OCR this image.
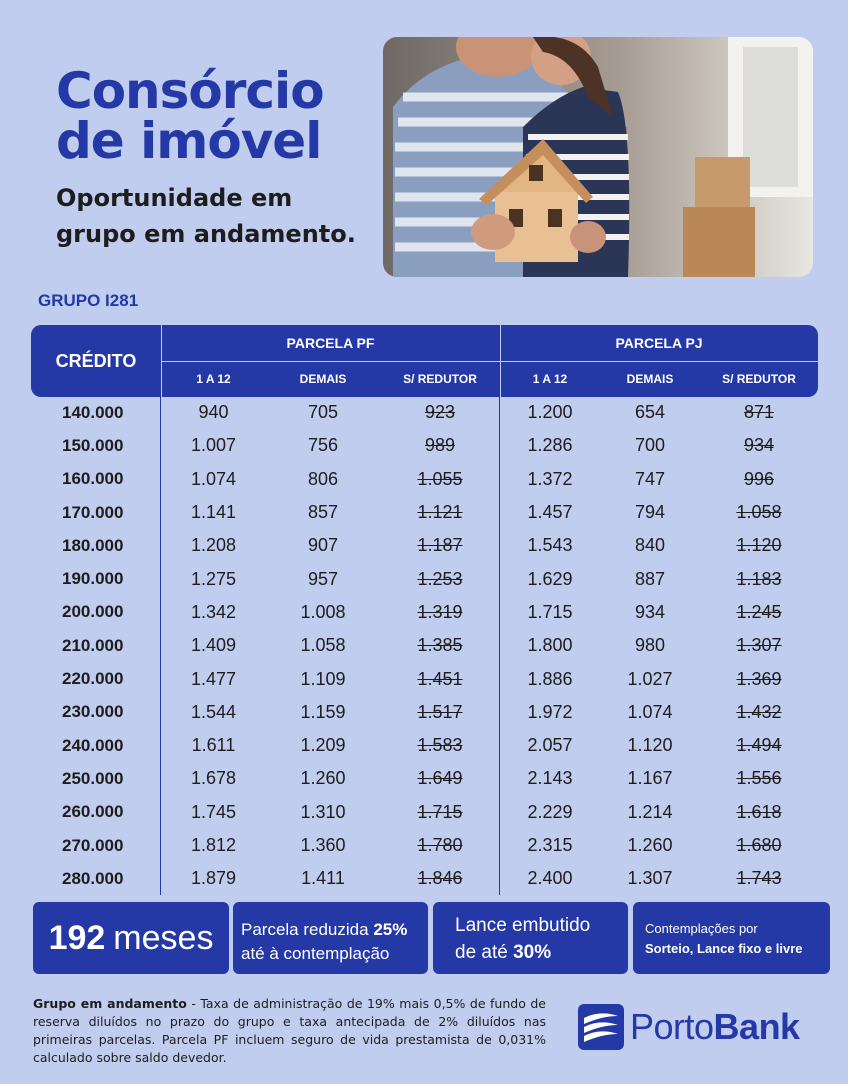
Consórcio
de imóvel
Oportunidade em
grupo em andamento.
GRUPO I281
CRÉDITO
PARCELA PF	PARCELA PJ
1 A 12	DEMAIS	S/ REDUTOR	1 A 12	DEMAIS	S/ REDUTOR
140.000	940	705	923	1.200	654	871
150.000	1.007	756	989	1.286	700	934
160.000	1.074	806	1.055	1.372	747	996
170.000	1.141	857	1.121	1.457	794	1.058
180.000	1.208	907	1.187	1.543	840	1.120
190.000	1.275	957	1.253	1.629	887	1.183
200.000	1.342	1.008	1.319	1.715	934	1.245
210.000	1.409	1.058	1.385	1.800	980	1.307
220.000	1.477	1.109	1.451	1.886	1.027	1.369
230.000	1.544	1.159	1.517	1.972	1.074	1.432
240.000	1.611	1.209	1.583	2.057	1.120	1.494
250.000	1.678	1.260	1.649	2.143	1.167	1.556
260.000	1.745	1.310	1.715	2.229	1.214	1.618
270.000	1.812	1.360	1.780	2.315	1.260	1.680
280.000	1.879	1.411	1.846	2.400	1.307	1.743
192 meses Parcela reduzida 25%
até à contemplação
Lance embutido
de até 30%
Contemplações por
Sorteio, Lance fixo e livre
Grupo em andamento - Taxa de administração de 19% mais 0,5% de fundo de reserva diluídos no prazo do grupo e taxa antecipada de 2% diluídos nas primeiras parcelas. Parcela PF incluem seguro de vida prestamista de 0,031% calculado sobre saldo devedor.
PortoBank
